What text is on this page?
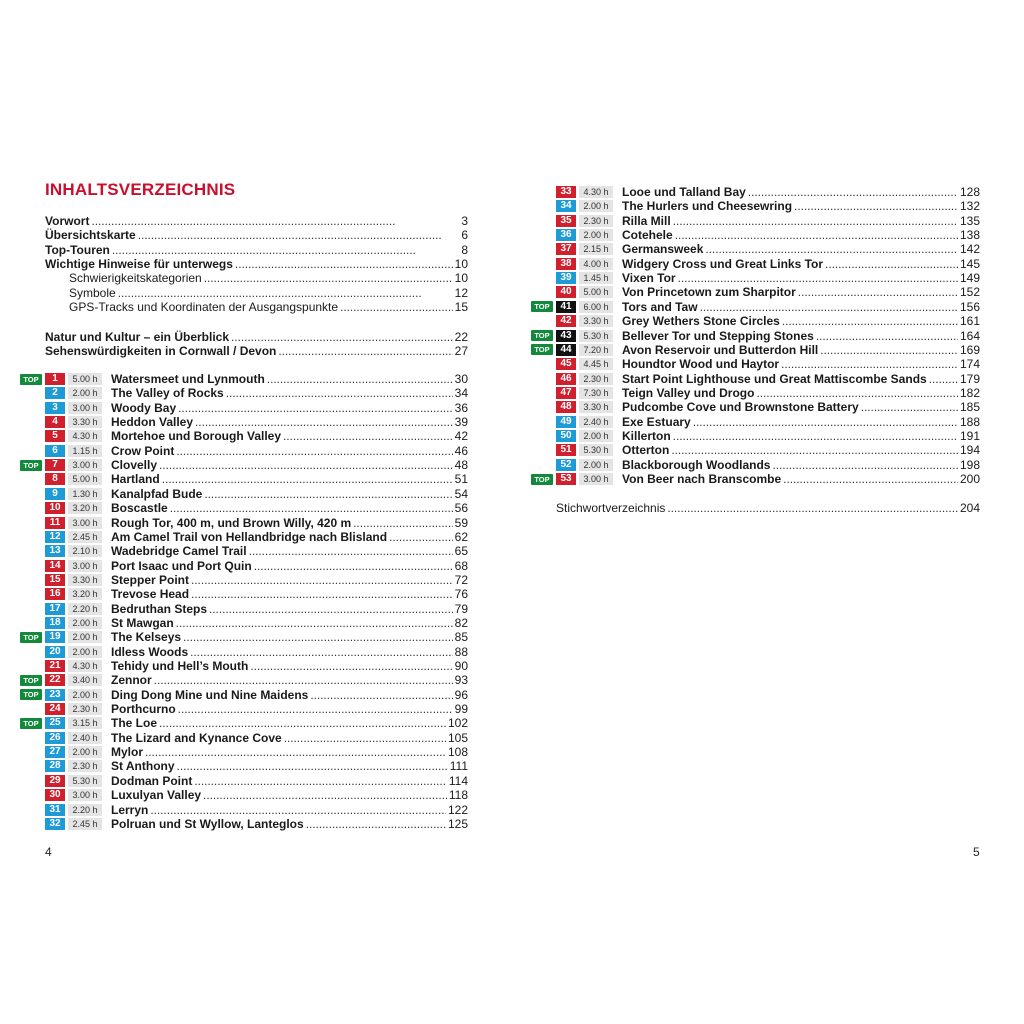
INHALTSVERZEICHNIS
Vorwort . . .	3
Übersichtskarte . . .	6
Top-Touren . . .	8
Wichtige Hinweise für unterwegs . . .	10
Schwierigkeitskategorien . . .	10
Symbole . . .	12
GPS-Tracks und Koordinaten der Ausgangspunkte . . .	15
Natur und Kultur – ein Überblick . . .	22
Sehenswürdigkeiten in Cornwall / Devon . . .	27
TOP	1	5.00 h	Watersmeet und Lynmouth . . .	30
2	2.00 h	The Valley of Rocks . . .	34
3	3.00 h	Woody Bay . . .	36
4	3.30 h	Heddon Valley . . .	39
5	4.30 h	Mortehoe und Borough Valley . . .	42
6	1.15 h	Crow Point . . .	46
TOP	7	3.00 h	Clovelly . . .	48
8	5.00 h	Hartland . . .	51
9	1.30 h	Kanalpfad Bude . . .	54
10	3.20 h	Boscastle . . .	56
11	3.00 h	Rough Tor, 400 m, und Brown Willy, 420 m . . .	59
12	2.45 h	Am Camel Trail von Hellandbridge nach Blisland . . .	62
13	2.10 h	Wadebridge Camel Trail . . .	65
14	3.00 h	Port Isaac und Port Quin . . .	68
15	3.30 h	Stepper Point . . .	72
16	3.20 h	Trevose Head . . .	76
17	2.20 h	Bedruthan Steps . . .	79
18	2.00 h	St Mawgan . . .	82
TOP	19	2.00 h	The Kelseys . . .	85
20	2.00 h	Idless Woods . . .	88
21	4.30 h	Tehidy und Hell’s Mouth . . .	90
TOP	22	3.40 h	Zennor . . .	93
TOP	23	2.00 h	Ding Dong Mine und Nine Maidens . . .	96
24	2.30 h	Porthcurno . . .	99
TOP	25	3.15 h	The Loe . . .	102
26	2.40 h	The Lizard and Kynance Cove . . .	105
27	2.00 h	Mylor . . .	108
28	2.30 h	St Anthony . . .	111
29	5.30 h	Dodman Point . . .	114
30	3.00 h	Luxulyan Valley . . .	118
31	2.20 h	Lerryn . . .	122
32	2.45 h	Polruan und St Wyllow, Lanteglos . . .	125
4
33	4.30 h	Looe und Talland Bay . . .	128
34	2.00 h	The Hurlers und Cheesewring . . .	132
35	2.30 h	Rilla Mill . . .	135
36	2.00 h	Cotehele . . .	138
37	2.15 h	Germansweek . . .	142
38	4.00 h	Widgery Cross und Great Links Tor . . .	145
39	1.45 h	Vixen Tor . . .	149
40	5.00 h	Von Princetown zum Sharpitor . . .	152
TOP	41	6.00 h	Tors and Taw . . .	156
42	3.30 h	Grey Wethers Stone Circles . . .	161
TOP	43	5.30 h	Bellever Tor und Stepping Stones . . .	164
TOP	44	7.20 h	Avon Reservoir und Butterdon Hill . . .	169
45	4.45 h	Houndtor Wood und Haytor . . .	174
46	2.30 h	Start Point Lighthouse und Great Mattiscombe Sands . . .	179
47	7.30 h	Teign Valley und Drogo . . .	182
48	3.30 h	Pudcombe Cove und Brownstone Battery . . .	185
49	2.40 h	Exe Estuary . . .	188
50	2.00 h	Killerton . . .	191
51	5.30 h	Otterton . . .	194
52	2.00 h	Blackborough Woodlands . . .	198
TOP	53	3.00 h	Von Beer nach Branscombe . . .	200
Stichwortverzeichnis . . .	204
5
